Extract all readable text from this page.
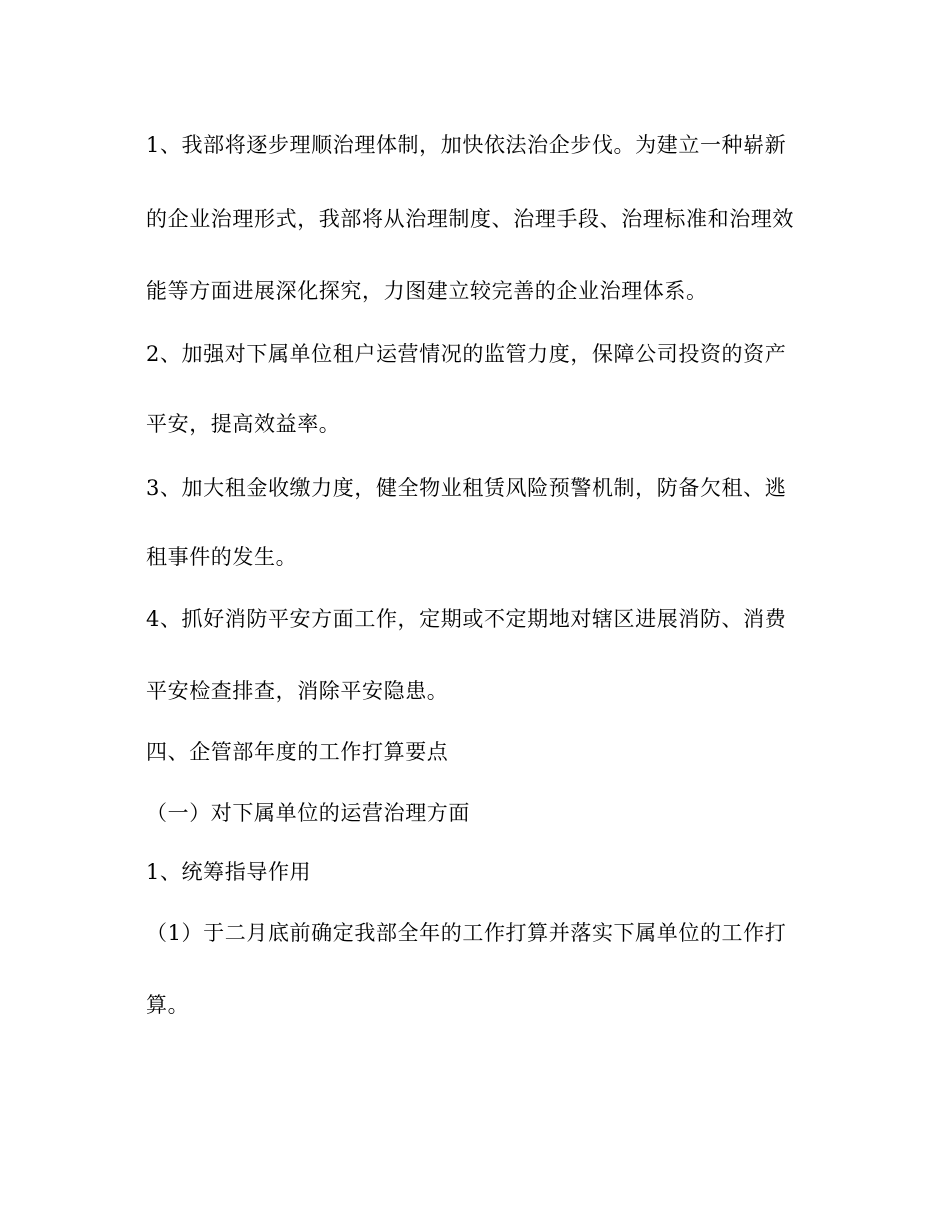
1、我部将逐步理顺治理体制，加快依法治企步伐。为建立一种崭新
的企业治理形式，我部将从治理制度、治理手段、治理标准和治理效
能等方面进展深化探究，力图建立较完善的企业治理体系。
2、加强对下属单位租户运营情况的监管力度，保障公司投资的资产
平安，提高效益率。
3、加大租金收缴力度，健全物业租赁风险预警机制，防备欠租、逃
租事件的发生。
4、抓好消防平安方面工作，定期或不定期地对辖区进展消防、消费
平安检查排查，消除平安隐患。
四、企管部年度的工作打算要点
（一）对下属单位的运营治理方面
1、统筹指导作用
（1）于二月底前确定我部全年的工作打算并落实下属单位的工作打
算。
